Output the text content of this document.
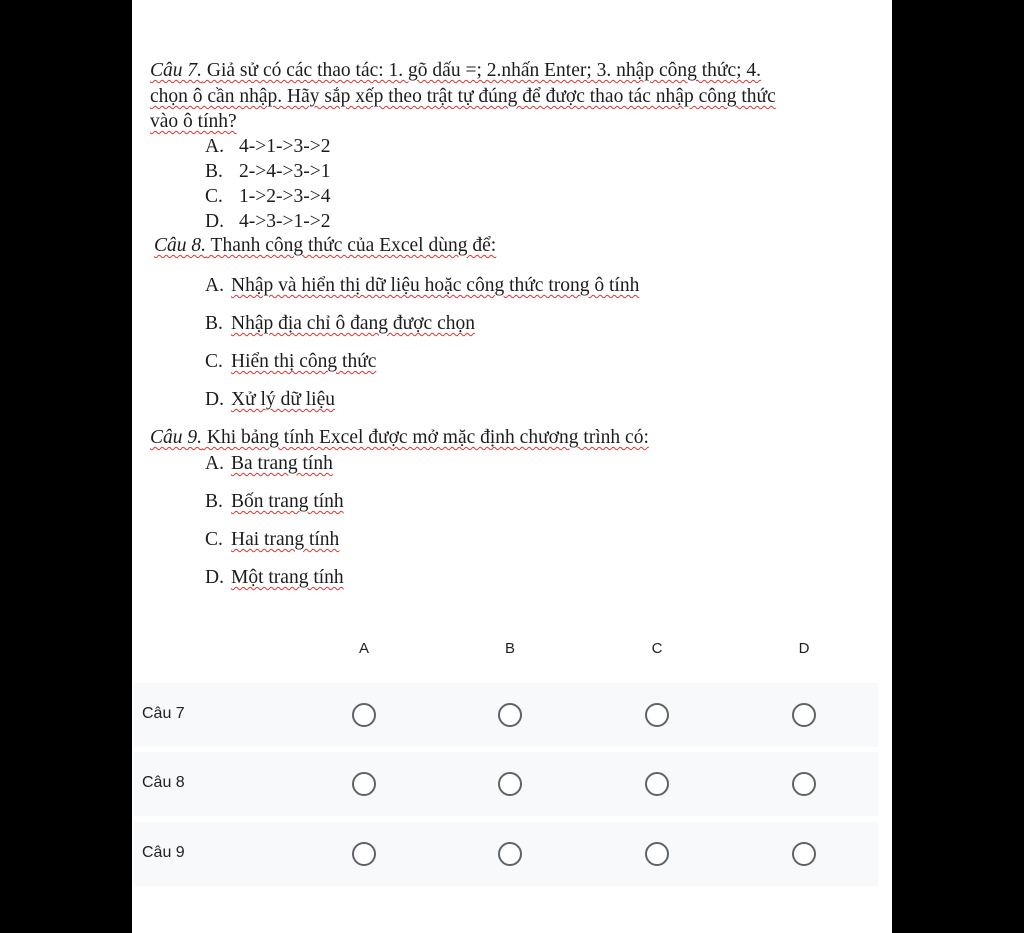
Câu 7. Giả sử có các thao tác: 1. gõ dấu =; 2.nhấn Enter; 3. nhập công thức; 4.

chọn ô cần nhập. Hãy sắp xếp theo trật tự đúng để được thao tác nhập công thức

vào ô tính?

A. 4->1->3->2
B. 2->4->3->1
C. 1->2->3->4
D. 4->3->1->2

Câu 8. Thanh công thức của Excel dùng để:

A. Nhập và hiển thị dữ liệu hoặc công thức trong ô tính
B. Nhập địa chỉ ô đang được chọn
C. Hiển thị công thức
D. Xử lý dữ liệu

Câu 9. Khi bảng tính Excel được mở mặc định chương trình có:

A. Ba trang tính
B. Bốn trang tính
C. Hai trang tính
D. Một trang tính
A	B	C	D
Câu 7
Câu 8
Câu 9
